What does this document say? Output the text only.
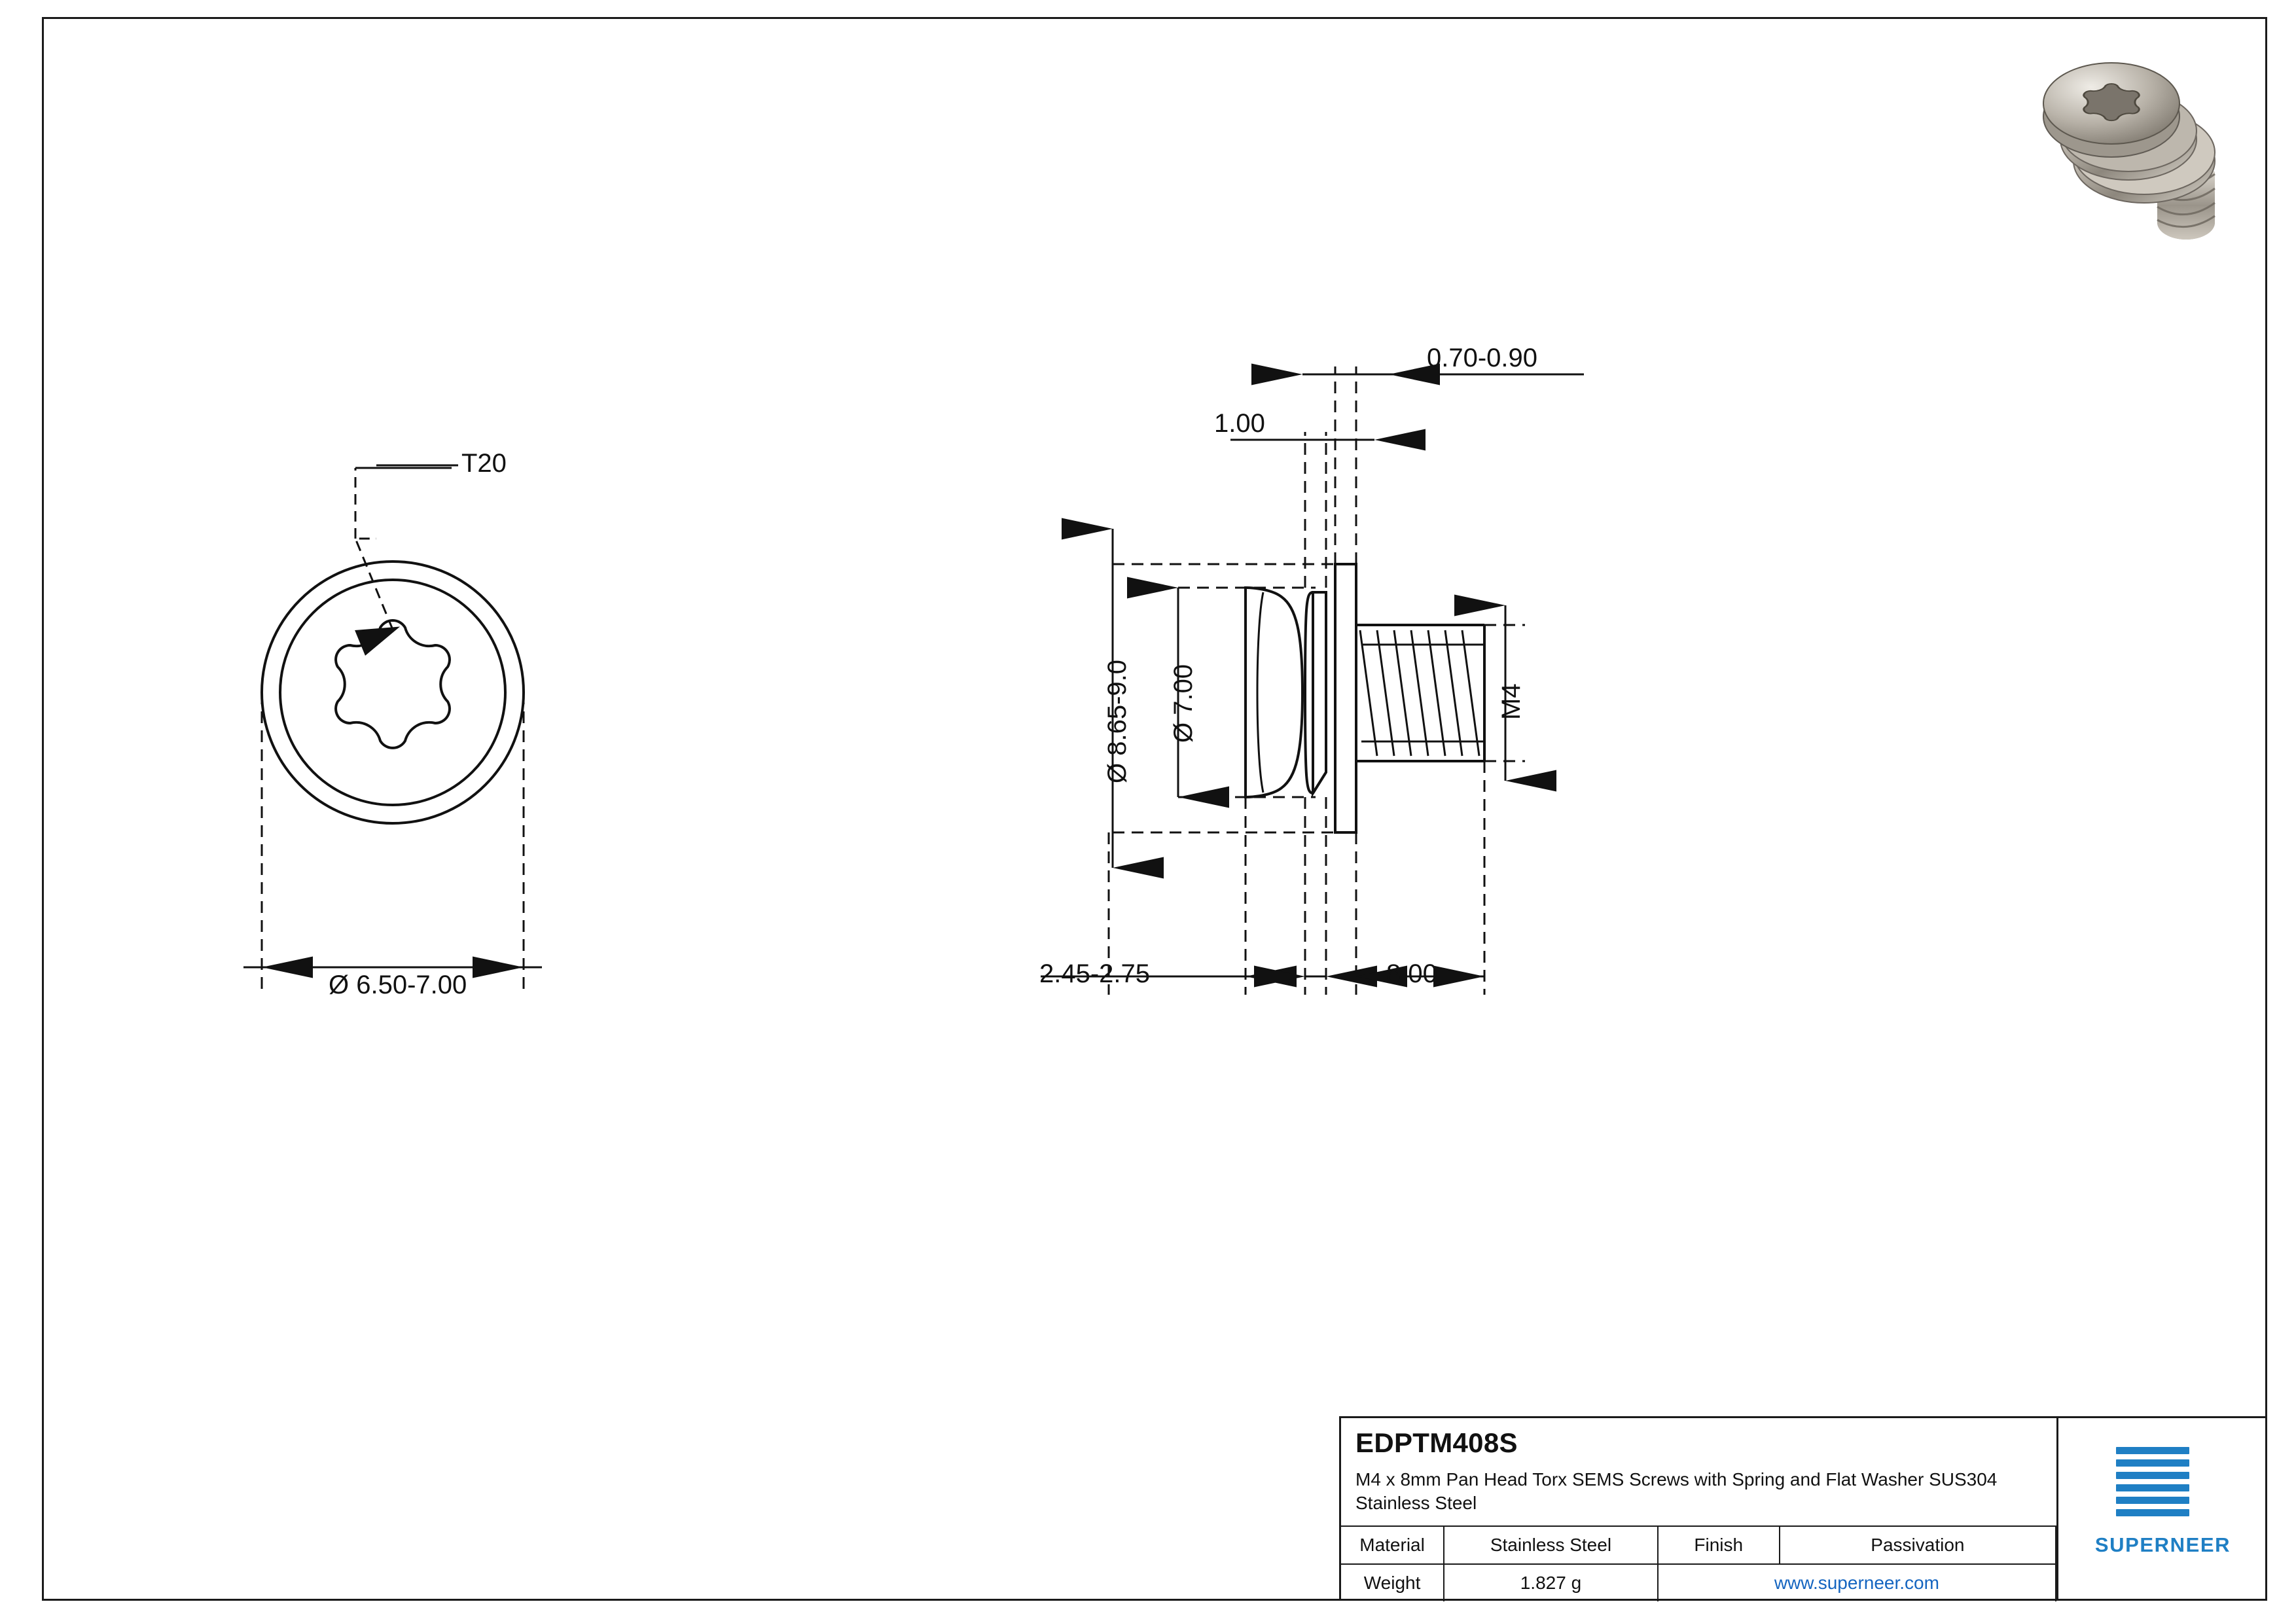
T20
Ø 6.50-7.00
Ø 8.65-9.0 Ø 7.00	M4
0.70-0.90
1.00
2.45-2.75	8.00
EDPTM408S
M4 x 8mm Pan Head Torx SEMS Screws with Spring and Flat Washer SUS304 Stainless Steel
Material	Stainless Steel	Finish	Passivation
Weight	1.827 g	www.superneer.com	
SUPERNEER
